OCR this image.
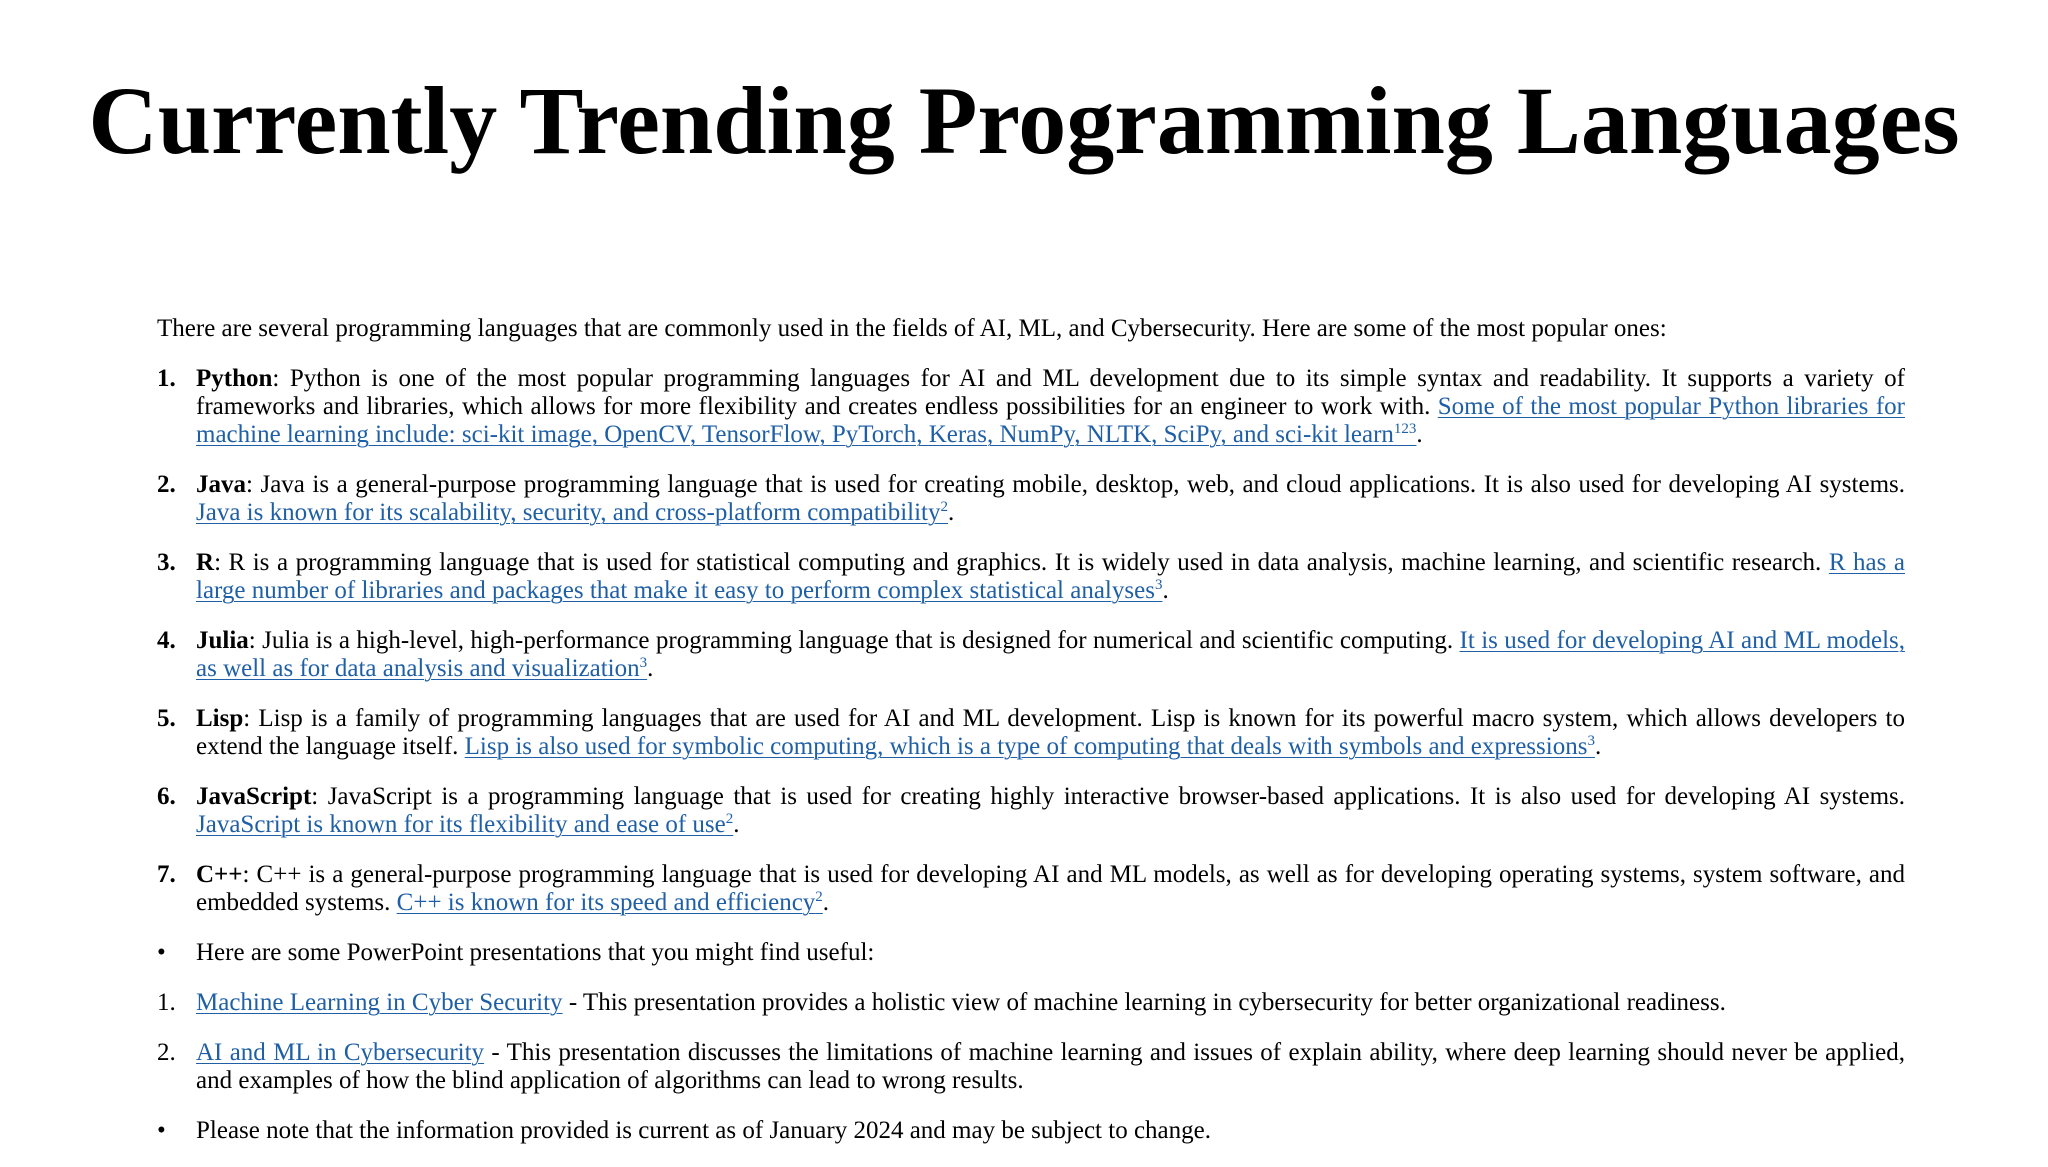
Currently Trending Programming Languages

There are several programming languages that are commonly used in the fields of AI, ML, and Cybersecurity. Here are some of the most popular ones:

1. Python: Python is one of the most popular programming languages for AI and ML development due to its simple syntax and readability. It supports a variety of frameworks and libraries, which allows for more flexibility and creates endless possibilities for an engineer to work with. Some of the most popular Python libraries for machine learning include: sci-kit image, OpenCV, TensorFlow, PyTorch, Keras, NumPy, NLTK, SciPy, and sci-kit learn$^{123}$.
2. Java: Java is a general-purpose programming language that is used for creating mobile, desktop, web, and cloud applications. It is also used for developing AI systems. Java is known for its scalability, security, and cross-platform compatibility$^2$.
3. R: R is a programming language that is used for statistical computing and graphics. It is widely used in data analysis, machine learning, and scientific research. R has a large number of libraries and packages that make it easy to perform complex statistical analyses$^3$.
4. Julia: Julia is a high-level, high-performance programming language that is designed for numerical and scientific computing. It is used for developing AI and ML models, as well as for data analysis and visualization$^3$.
5. Lisp: Lisp is a family of programming languages that are used for AI and ML development. Lisp is known for its powerful macro system, which allows developers to extend the language itself. Lisp is also used for symbolic computing, which is a type of computing that deals with symbols and expressions$^3$.
6. JavaScript: JavaScript is a programming language that is used for creating highly interactive browser-based applications. It is also used for developing AI systems. JavaScript is known for its flexibility and ease of use$^2$.
7. C++: C++ is a general-purpose programming language that is used for developing AI and ML models, as well as for developing operating systems, system software, and embedded systems. C++ is known for its speed and efficiency$^2$.
•	Here are some PowerPoint presentations that you might find useful:
1. Machine Learning in Cyber Security - This presentation provides a holistic view of machine learning in cybersecurity for better organizational readiness.
2. AI and ML in Cybersecurity - This presentation discusses the limitations of machine learning and issues of explain ability, where deep learning should never be applied, and examples of how the blind application of algorithms can lead to wrong results.
•	Please note that the information provided is current as of January 2024 and may be subject to change.
